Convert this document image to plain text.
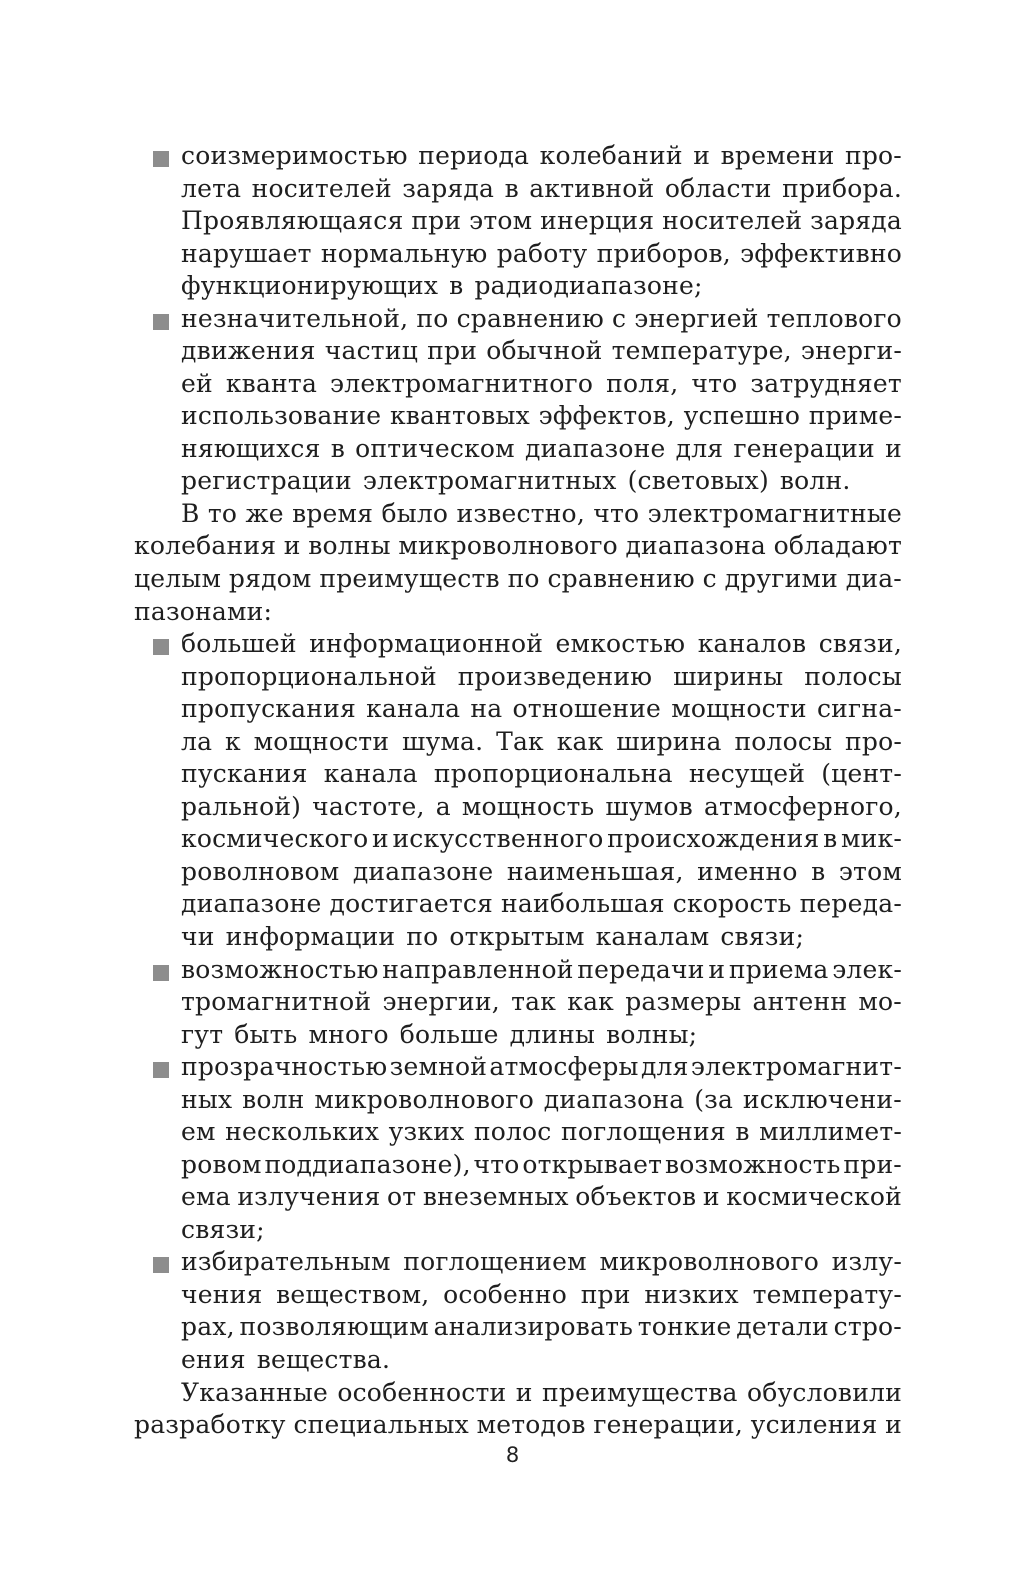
соизмеримостью периода колебаний и времени про-
лета носителей заряда в активной области прибора.
Проявляющаяся при этом инерция носителей заряда
нарушает нормальную работу приборов, эффективно
функционирующих в радиодиапазоне;
незначительной, по сравнению с энергией теплового
движения частиц при обычной температуре, энерги-
ей кванта электромагнитного поля, что затрудняет
использование квантовых эффектов, успешно приме-
няющихся в оптическом диапазоне для генерации и
регистрации электромагнитных (световых) волн.
В то же время было известно, что электромагнитные
колебания и волны микроволнового диапазона обладают
целым рядом преимуществ по сравнению с другими диа-
пазонами:
большей информационной емкостью каналов связи,
пропорциональной произведению ширины полосы
пропускания канала на отношение мощности сигна-
ла к мощности шума. Так как ширина полосы про-
пускания канала пропорциональна несущей (цент-
ральной) частоте, а мощность шумов атмосферного,
космического и искусственного происхождения в мик-
роволновом диапазоне наименьшая, именно в этом
диапазоне достигается наибольшая скорость переда-
чи информации по открытым каналам связи;
возможностью направленной передачи и приема элек-
тромагнитной энергии, так как размеры антенн мо-
гут быть много больше длины волны;
прозрачностью земной атмосферы для электромагнит-
ных волн микроволнового диапазона (за исключени-
ем нескольких узких полос поглощения в миллимет-
ровом поддиапазоне), что открывает возможность при-
ема излучения от внеземных объектов и космической
связи;
избирательным поглощением микроволнового излу-
чения веществом, особенно при низких температу-
рах, позволяющим анализировать тонкие детали стро-
ения вещества.
Указанные особенности и преимущества обусловили
разработку специальных методов генерации, усиления и
8
